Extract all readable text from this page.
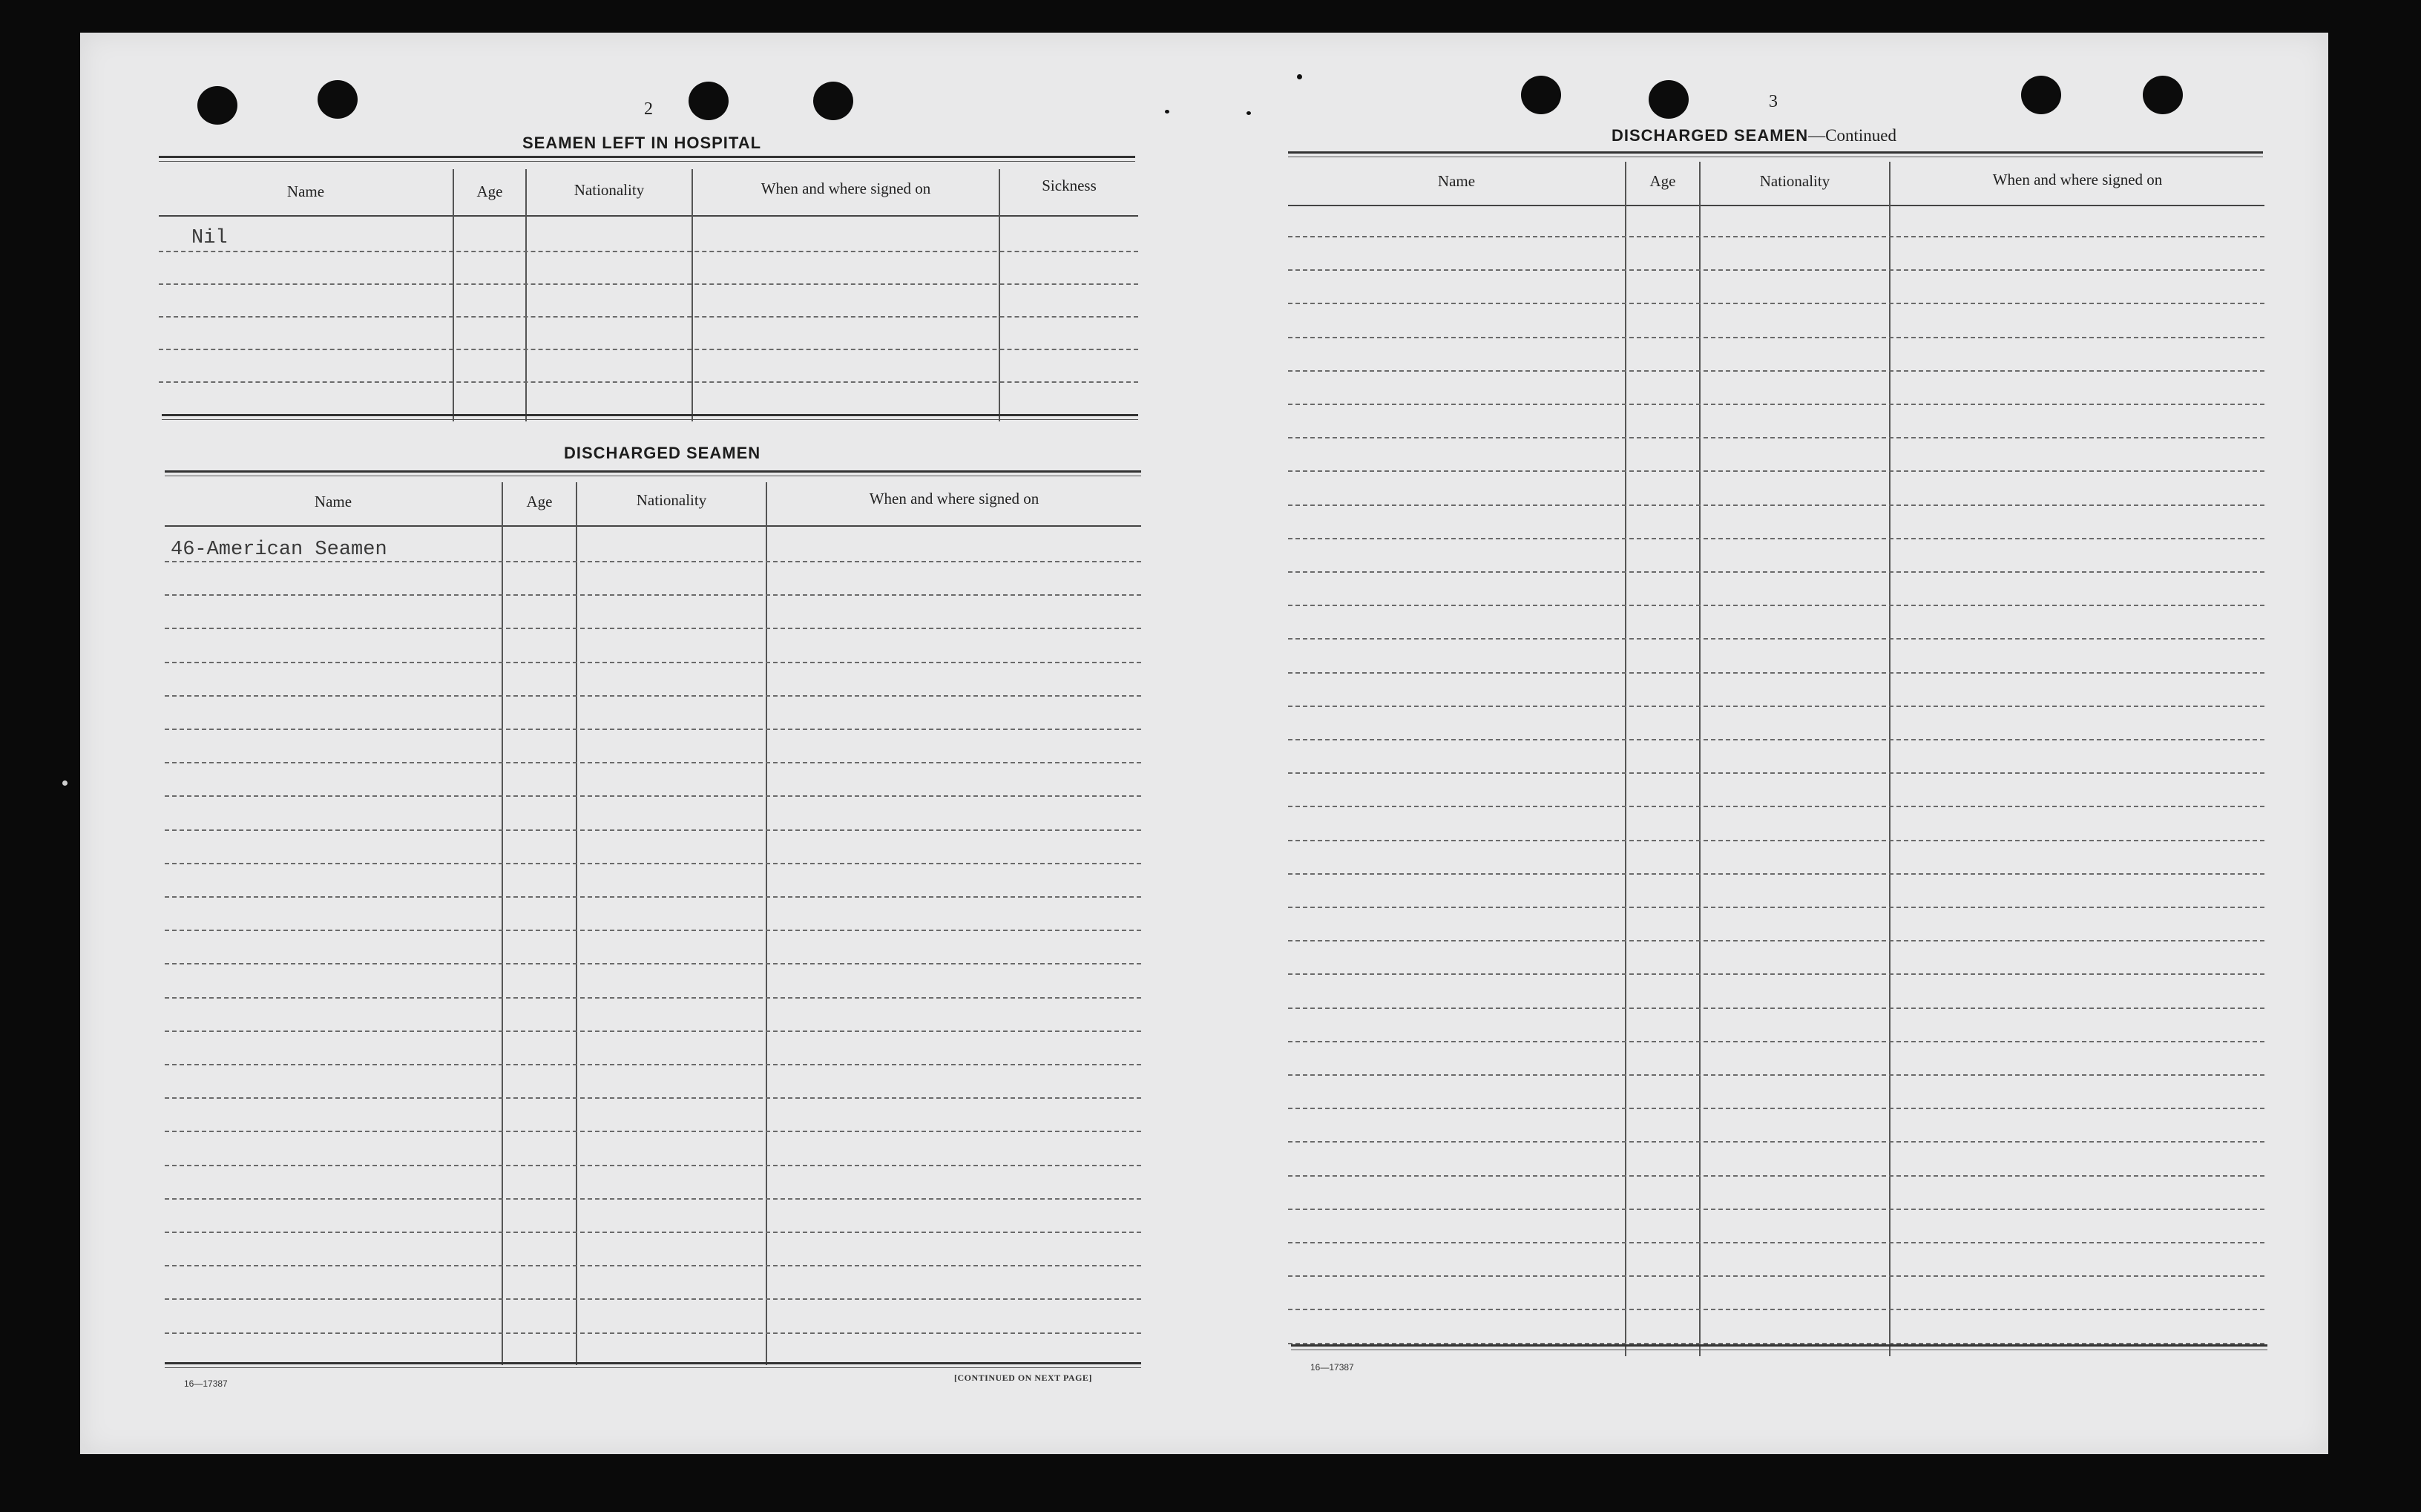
2
SEAMEN LEFT IN HOSPITAL
Name	Age	Nationality	When and where signed on	Sickness
Nil
DISCHARGED SEAMEN
Name	Age	Nationality	When and where signed on
46-American Seamen
16—17387
[CONTINUED ON NEXT PAGE]
3
DISCHARGED SEAMEN—Continued
Name	Age	Nationality	When and where signed on
16—17387
